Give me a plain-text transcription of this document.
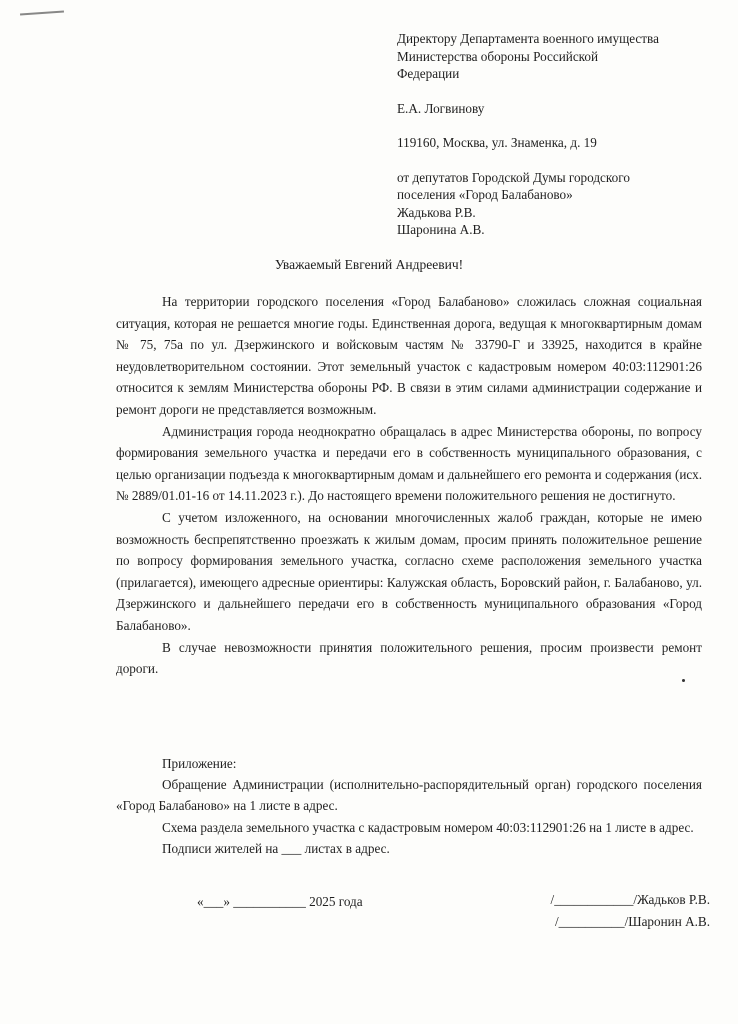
Директору Департамента военного имущества
Министерства обороны Российской
Федерации
Е.А. Логвинову
119160, Москва, ул. Знаменка, д. 19
от депутатов Городской Думы городского
поселения «Город Балабаново»
Жадькова Р.В.
Шаронина А.В.
Уважаемый Евгений Андреевич!

На территории городского поселения «Город Балабаново» сложилась сложная социальная ситуация, которая не решается многие годы. Единственная дорога, ведущая к многоквартирным домам № 75, 75а по ул. Дзержинского и войсковым частям № 33790-Г и 33925, находится в крайне неудовлетворительном состоянии. Этот земельный участок с кадастровым номером 40:03:112901:26 относится к землям Министерства обороны РФ. В связи в этим силами администрации содержание и ремонт дороги не представляется возможным.

Администрация города неоднократно обращалась в адрес Министерства обороны, по вопросу формирования земельного участка и передачи его в собственность муниципального образования, с целью организации подъезда к многоквартирным домам и дальнейшего его ремонта и содержания (исх. № 2889/01.01-16 от 14.11.2023 г.). До настоящего времени положительного решения не достигнуто.

С учетом изложенного, на основании многочисленных жалоб граждан, которые не имею возможность беспрепятственно проезжать к жилым домам, просим принять положительное решение по вопросу формирования земельного участка, согласно схеме расположения земельного участка (прилагается), имеющего адресные ориентиры: Калужская область, Боровский район, г. Балабаново, ул. Дзержинского и дальнейшего передачи его в собственность муниципального образования «Город Балабаново».

В случае невозможности принятия положительного решения, просим произвести ремонт дороги.

Приложение:

Обращение Администрации (исполнительно-распорядительный орган) городского поселения «Город Балабаново» на 1 листе в адрес.

Схема раздела земельного участка с кадастровым номером 40:03:112901:26 на 1 листе в адрес.

Подписи жителей на ___ листах в адрес.

«___» ___________ 2025 года	/____________/Жадьков Р.В.
/__________/Шаронин А.В.
